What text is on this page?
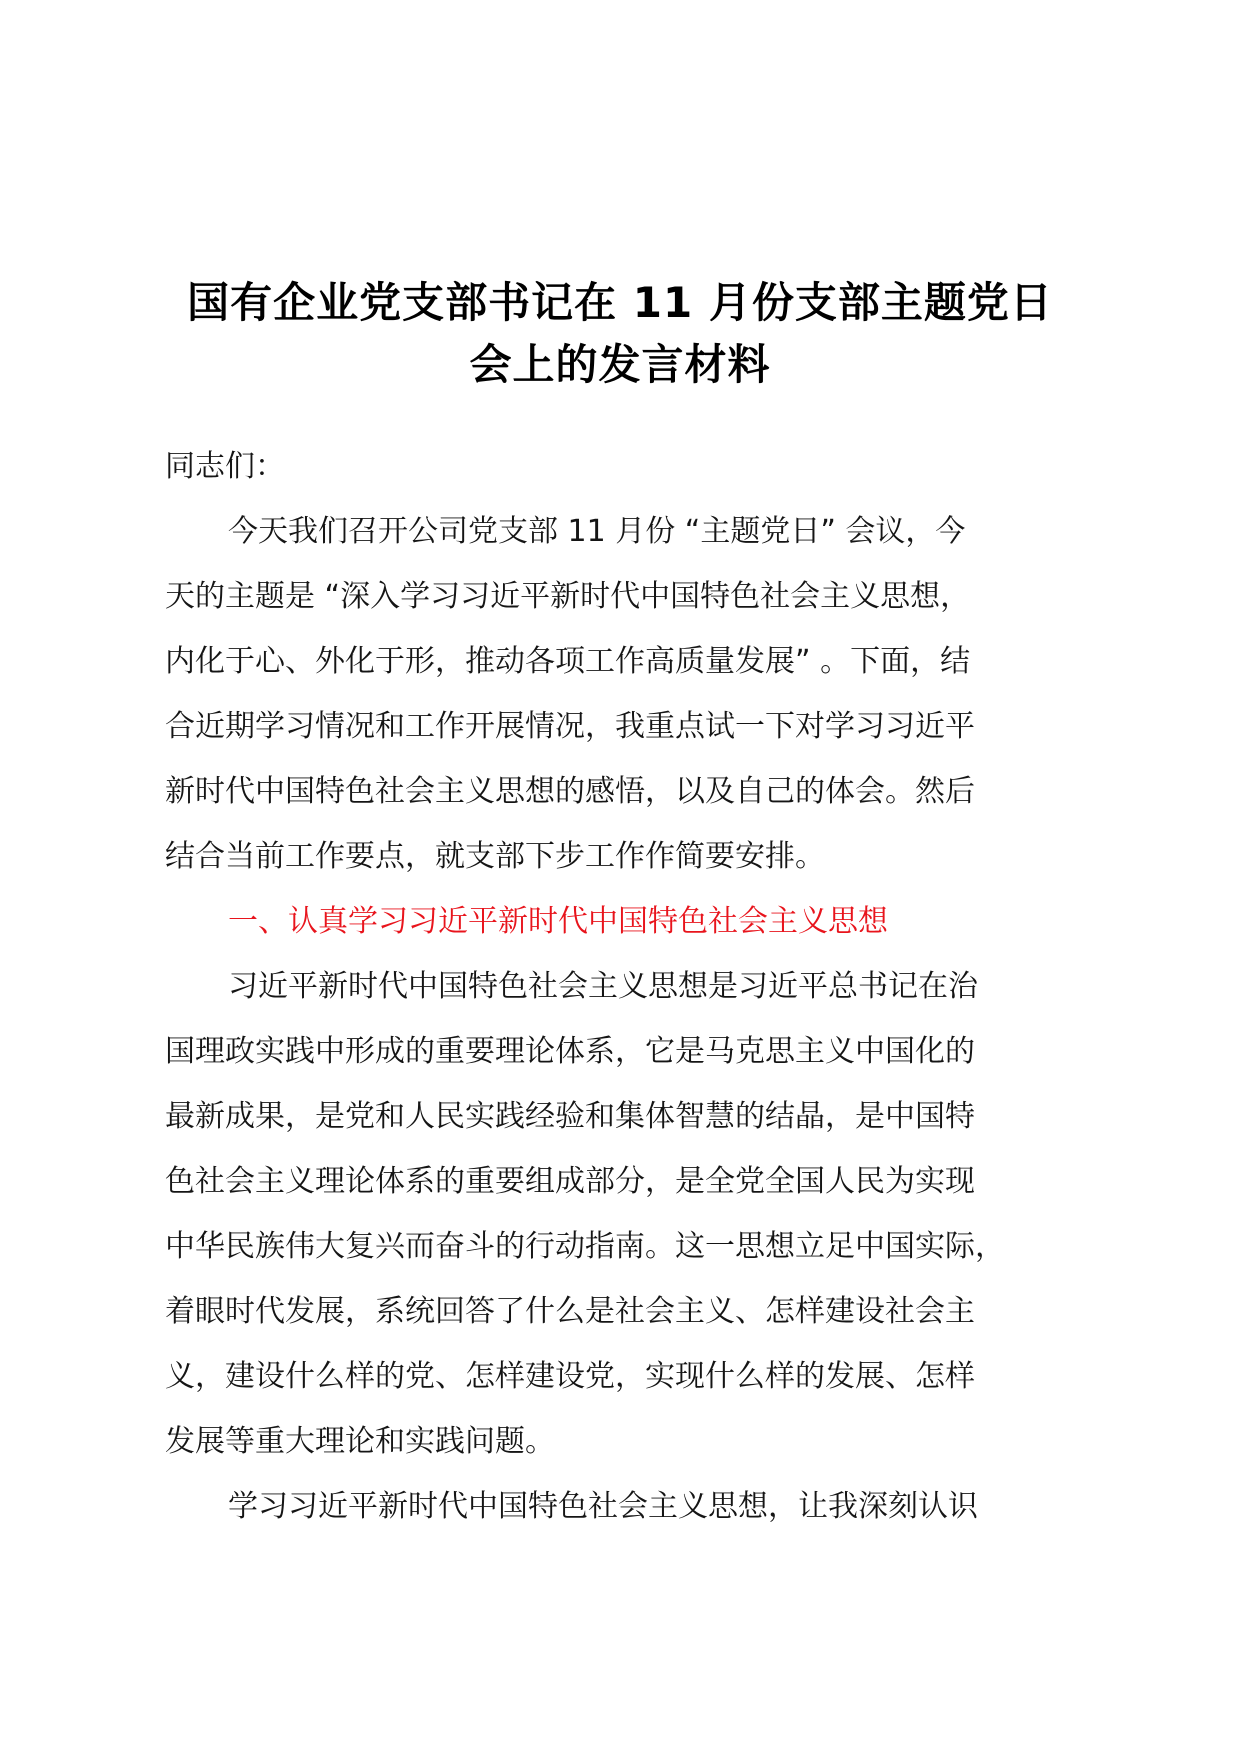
国有企业党支部书记在 11 月份支部主题党日
会上的发言材料
同志们：
今天我们召开公司党支部 11 月份 “主题党日” 会议，今
天的主题是 “深入学习习近平新时代中国特色社会主义思想，
内化于心、外化于形，推动各项工作高质量发展” 。下面，结
合近期学习情况和工作开展情况，我重点试一下对学习习近平
新时代中国特色社会主义思想的感悟，以及自己的体会。然后
结合当前工作要点，就支部下步工作作简要安排。
一、认真学习习近平新时代中国特色社会主义思想
习近平新时代中国特色社会主义思想是习近平总书记在治
国理政实践中形成的重要理论体系，它是马克思主义中国化的
最新成果，是党和人民实践经验和集体智慧的结晶，是中国特
色社会主义理论体系的重要组成部分，是全党全国人民为实现
中华民族伟大复兴而奋斗的行动指南。这一思想立足中国实际，
着眼时代发展，系统回答了什么是社会主义、怎样建设社会主
义，建设什么样的党、怎样建设党，实现什么样的发展、怎样
发展等重大理论和实践问题。
学习习近平新时代中国特色社会主义思想，让我深刻认识
